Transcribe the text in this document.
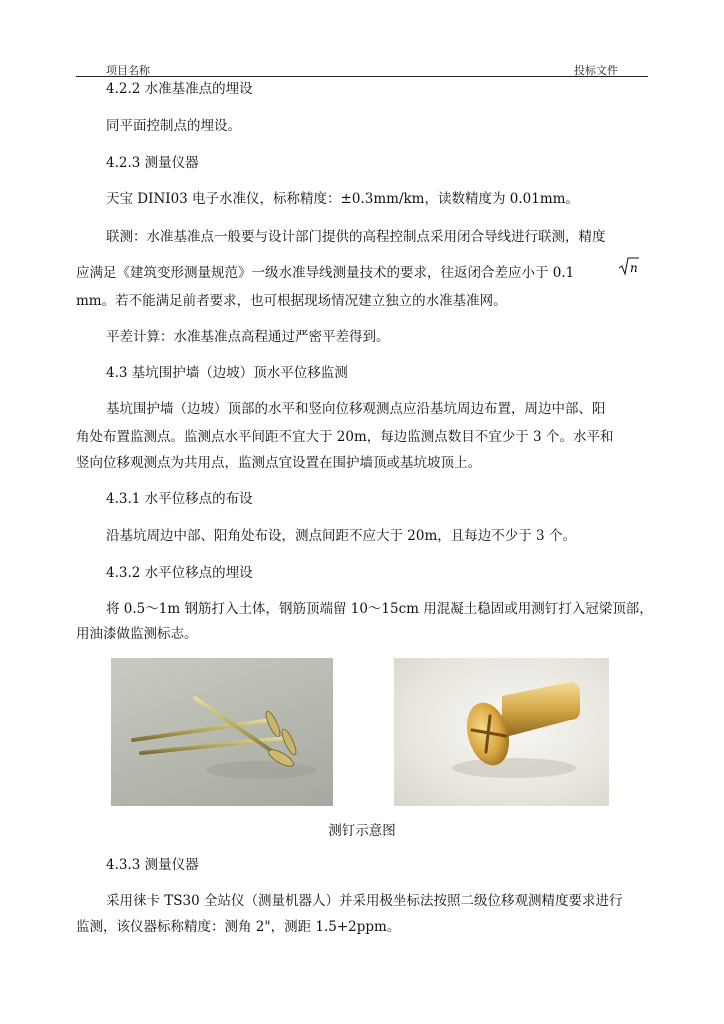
项目名称	投标文件
4.2.2 水准基准点的埋设
同平面控制点的埋设。
4.2.3 测量仪器
天宝 DINI03 电子水准仪，标称精度：±0.3mm/km，读数精度为 0.01mm。
联测：水准基准点一般要与设计部门提供的高程控制点采用闭合导线进行联测，精度
应满足《建筑变形测量规范》一级水准导线测量技术的要求，往返闭合差应小于 0.1	n
mm。若不能满足前者要求，也可根据现场情况建立独立的水准基准网。
平差计算：水准基准点高程通过严密平差得到。
4.3 基坑围护墙（边坡）顶水平位移监测
基坑围护墙（边坡）顶部的水平和竖向位移观测点应沿基坑周边布置，周边中部、阳
角处布置监测点。监测点水平间距不宜大于 20m，每边监测点数目不宜少于 3 个。水平和
竖向位移观测点为共用点，监测点宜设置在围护墙顶或基坑坡顶上。
4.3.1 水平位移点的布设
沿基坑周边中部、阳角处布设，测点间距不应大于 20m，且每边不少于 3 个。
4.3.2 水平位移点的埋设
将 0.5～1m 钢筋打入土体，钢筋顶端留 10～15cm 用混凝土稳固或用测钉打入冠梁顶部，
用油漆做监测标志。
测钉示意图
4.3.3 测量仪器
采用徕卡 TS30 全站仪（测量机器人）并采用极坐标法按照二级位移观测精度要求进行
监测，该仪器标称精度：测角 2"，测距 1.5+2ppm。
